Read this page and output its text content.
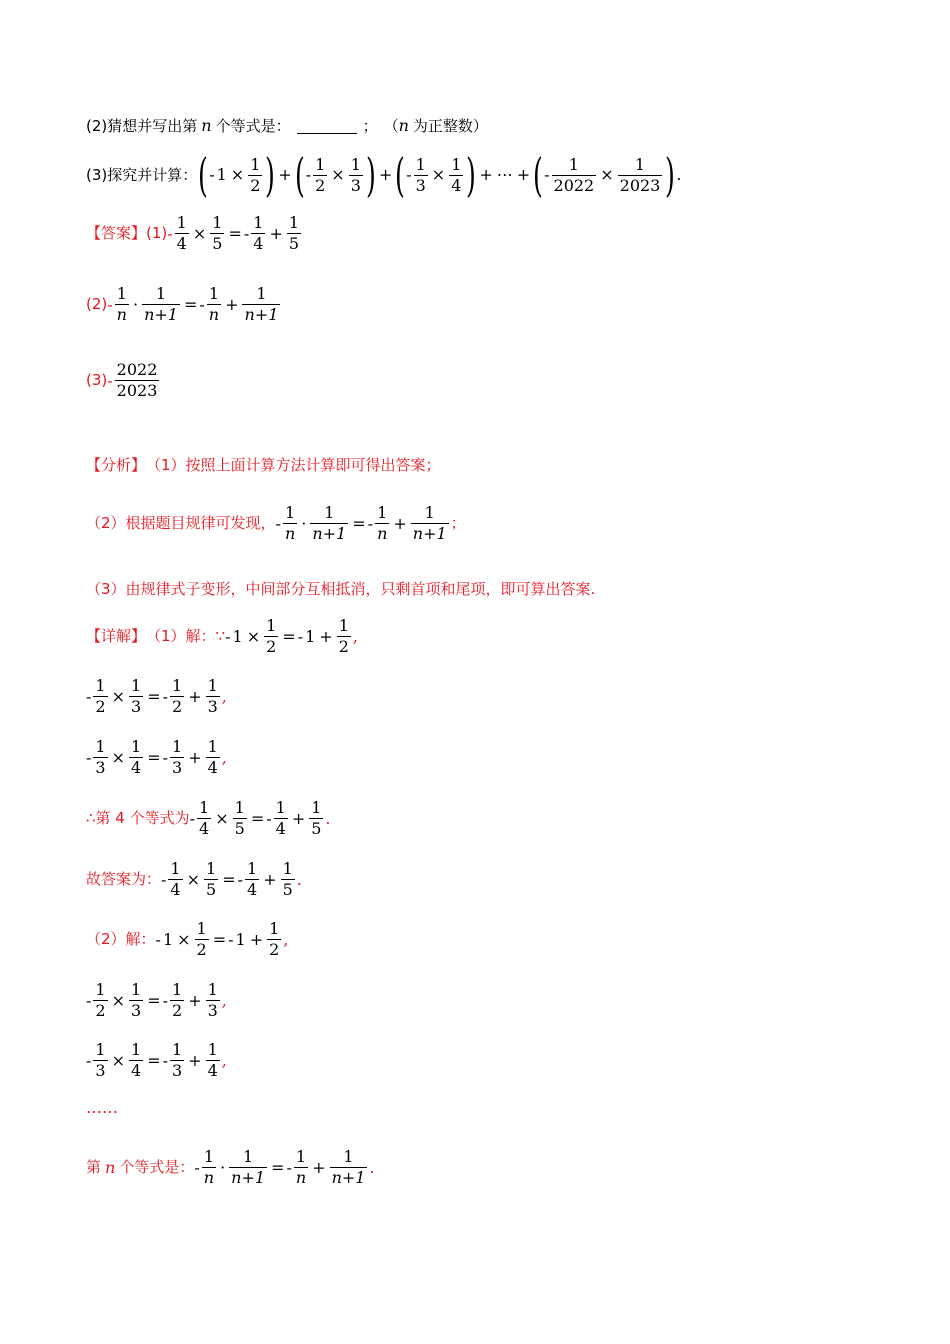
(2)猜想并写出第 n 个等式是：	； （ n 为正整数）
(3)探究并计算： ( - $1 \times \frac{1}{2}$ ) + ( - $\frac{1}{2} \times \frac{1}{3}$ ) + ( - $\frac{1}{3} \times \frac{1}{4}$ ) + ⋯ + ( - $\frac{1}{2022} \times \frac{1}{2023}$ ) .
【答案】 $(1) - \frac{1}{4} \times \frac{1}{5}$ = - $\frac{1}{4} + \frac{1}{5}$
$(2) - \frac{1}{n} \cdot \frac{1}{n+1}$ = - $\frac{1}{n} + \frac{1}{n+1}$
$(3) - \frac{2022}{2023}$
【分析】 （1）按照上面计算方法计算即可得出答案；
（2）根据题目规律可发现， - $\frac{1}{n} \cdot \frac{1}{n+1}$ = - $\frac{1}{n} + \frac{1}{n+1}$ ；
（3）由规律式子变形，中间部分互相抵消，只剩首项和尾项，即可算出答案.
【详解】 （1）解：∵ - $1 \times \frac{1}{2}$ = - $1 + \frac{1}{2}$ ,
- $\frac{1}{2} \times \frac{1}{3}$ = - $\frac{1}{2} + \frac{1}{3}$ ,
- $\frac{1}{3} \times \frac{1}{4}$ = - $\frac{1}{3} + \frac{1}{4}$ ,
∴第 4 个等式为 - $\frac{1}{4} \times \frac{1}{5}$ = - $\frac{1}{4} + \frac{1}{5}$ .
故答案为： - $\frac{1}{4} \times \frac{1}{5}$ = - $\frac{1}{4} + \frac{1}{5}$ .
（2）解： - $1 \times \frac{1}{2}$ = - $1 + \frac{1}{2}$ ,
- $\frac{1}{2} \times \frac{1}{3}$ = - $\frac{1}{2} + \frac{1}{3}$ ,
- $\frac{1}{3} \times \frac{1}{4}$ = - $\frac{1}{3} + \frac{1}{4}$ ,
……
第 n 个等式是： - $\frac{1}{n} \cdot \frac{1}{n+1}$ = - $\frac{1}{n} + \frac{1}{n+1}$ .
